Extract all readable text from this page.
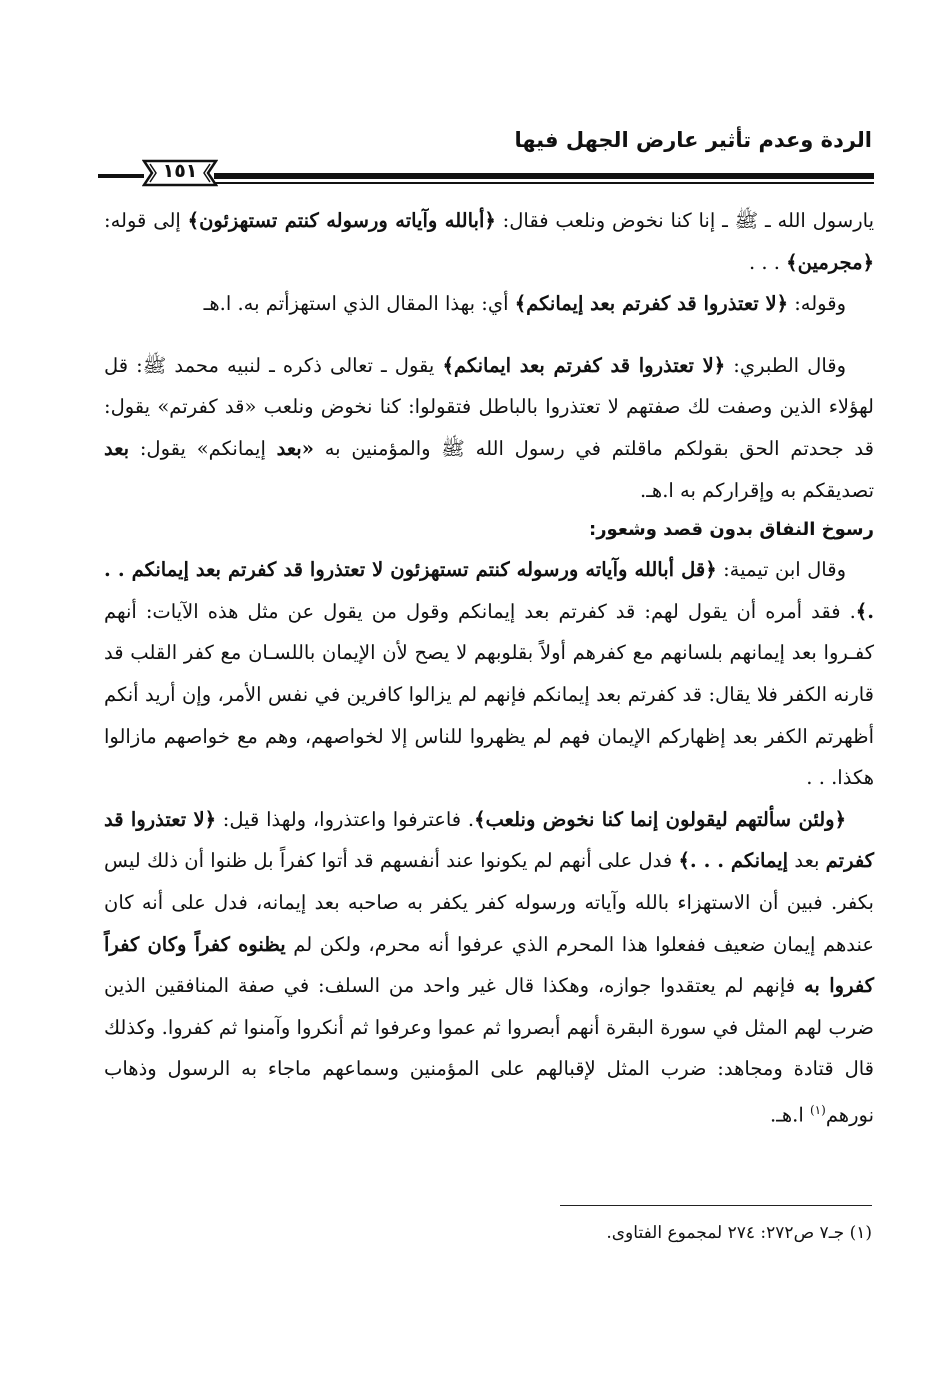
الردة وعدم تأثير عارض الجهل فيها
١٥١

يارسول الله ـ ﷺ ـ إنا كنا نخوض ونلعب فقال: ﴿أبالله وآياته ورسوله كنتم تستهزئون﴾ إلى قوله: ﴿مجرمين﴾ . . .

وقوله: ﴿لا تعتذروا قد كفرتم بعد إيمانكم﴾ أي: بهذا المقال الذي استهزأتم به. ا.هـ

وقال الطبري: ﴿لا تعتذروا قد كفرتم بعد ايمانكم﴾ يقول ـ تعالى ذكره ـ لنبيه محمد ﷺ: قل لهؤلاء الذين وصفت لك صفتهم لا تعتذروا بالباطل فتقولوا: كنا نخوض ونلعب «قد كفرتم» يقول: قد جحدتم الحق بقولكم ماقلتم في رسول الله ﷺ والمؤمنين به «بعد إيمانكم» يقول: بعد تصديقكم به وإقراركم به ا.هـ.

رسوخ النفاق بدون قصد وشعور:

وقال ابن تيمية: ﴿قل أبالله وآياته ورسوله كنتم تستهزئون لا تعتذروا قد كفرتم بعد إيمانكم . . .﴾. فقد أمره أن يقول لهم: قد كفرتم بعد إيمانكم وقول من يقول عن مثل هذه الآيات: أنهم كفـروا بعد إيمانهم بلسانهم مع كفرهم أولاً بقلوبهم لا يصح لأن الإيمان باللسـان مع كفر القلب قد قارنه الكفر فلا يقال: قد كفرتم بعد إيمانكم فإنهم لم يزالوا كافرين في نفس الأمر، وإن أريد أنكم أظهرتم الكفر بعد إظهاركم الإيمان فهم لم يظهروا للناس إلا لخواصهم، وهم مع خواصهم مازالوا هكذا. . .

﴿ولئن سألتهم ليقولون إنما كنا نخوض ونلعب﴾. فاعترفوا واعتذروا، ولهذا قيل: ﴿لا تعتذروا قد كفرتم بعد إيمانكم . . .﴾ فدل على أنهم لم يكونوا عند أنفسهم قد أتوا كفراً بل ظنوا أن ذلك ليس بكفر. فبين أن الاستهزاء بالله وآياته ورسوله كفر يكفر به صاحبه بعد إيمانه، فدل على أنه كان عندهم إيمان ضعيف ففعلوا هذا المحرم الذي عرفوا أنه محرم، ولكن لم يظنوه كفراً وكان كفراً كفروا به فإنهم لم يعتقدوا جوازه، وهكذا قال غير واحد من السلف: في صفة المنافقين الذين ضرب لهم المثل في سورة البقرة أنهم أبصروا ثم عموا وعرفوا ثم أنكروا وآمنوا ثم كفروا. وكذلك قال قتادة ومجاهد: ضرب المثل لإقبالهم على المؤمنين وسماعهم ماجاء به الرسول وذهاب نورهم$^{(١)}$ ا.هـ.

(١) جـ٧ ص٢٧٢: ٢٧٤ لمجموع الفتاوى.
